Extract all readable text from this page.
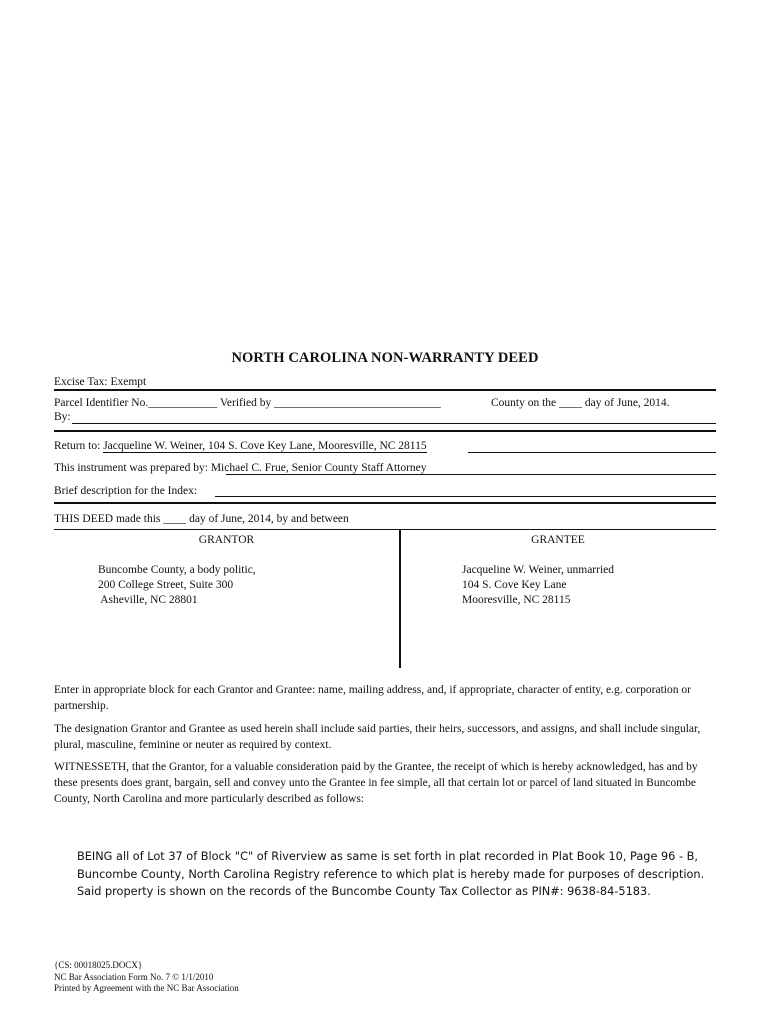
NORTH CAROLINA NON-WARRANTY DEED
Excise Tax: Exempt
Parcel Identifier No.____________ Verified by _____________________________	County on the ____ day of June, 2014.
By:
Return to: Jacqueline W. Weiner, 104 S. Cove Key Lane, Mooresville, NC 28115
This instrument was prepared by: Michael C. Frue, Senior County Staff Attorney
Brief description for the Index:
THIS DEED made this ____ day of June, 2014, by and between
GRANTOR	GRANTEE
Buncombe County, a body politic,
200 College Street, Suite 300
Asheville, NC 28801
Jacqueline W. Weiner, unmarried
104 S. Cove Key Lane
Mooresville, NC 28115
Enter in appropriate block for each Grantor and Grantee: name, mailing address, and, if appropriate, character of entity, e.g. corporation or partnership.
The designation Grantor and Grantee as used herein shall include said parties, their heirs, successors, and assigns, and shall include singular, plural, masculine, feminine or neuter as required by context.
WITNESSETH, that the Grantor, for a valuable consideration paid by the Grantee, the receipt of which is hereby acknowledged, has and by these presents does grant, bargain, sell and convey unto the Grantee in fee simple, all that certain lot or parcel of land situated in Buncombe County, North Carolina and more particularly described as follows:
BEING all of Lot 37 of Block "C" of Riverview as same is set forth in plat recorded in Plat Book 10, Page 96 - B, Buncombe County, North Carolina Registry reference to which plat is hereby made for purposes of description. Said property is shown on the records of the Buncombe County Tax Collector as PIN#: 9638-84-5183.
{CS: 00018025.DOCX}
NC Bar Association Form No. 7 © 1/1/2010
Printed by Agreement with the NC Bar Association
